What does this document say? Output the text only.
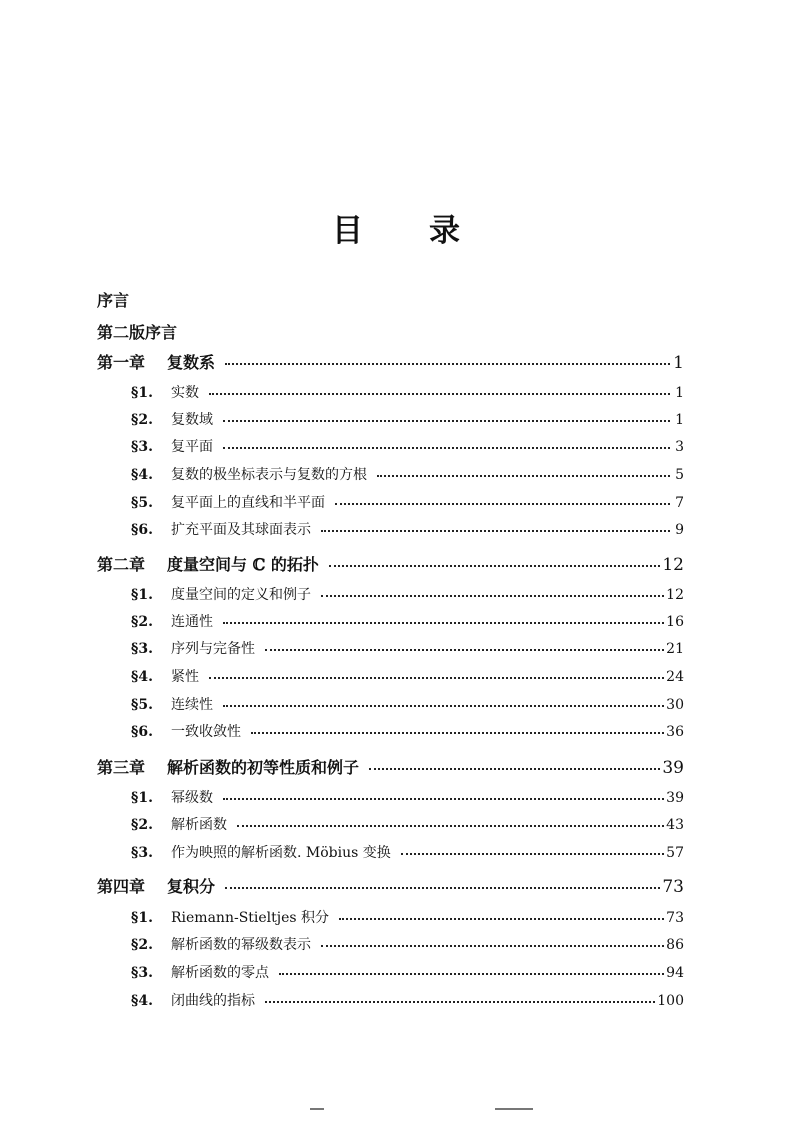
目 录
序言
第二版序言
第一章 复数系	1
§1. 实数	1
§2. 复数域	1
§3. 复平面	3
§4. 复数的极坐标表示与复数的方根	5
§5. 复平面上的直线和半平面	7
§6. 扩充平面及其球面表示	9
第二章 度量空间与 ℂ 的拓扑	12
§1. 度量空间的定义和例子	12
§2. 连通性	16
§3. 序列与完备性	21
§4. 紧性	24
§5. 连续性	30
§6. 一致收敛性	36
第三章 解析函数的初等性质和例子	39
§1. 幂级数	39
§2. 解析函数	43
§3. 作为映照的解析函数. Möbius 变换	57
第四章 复积分	73
§1. Riemann-Stieltjes 积分	73
§2. 解析函数的幂级数表示	86
§3. 解析函数的零点	94
§4. 闭曲线的指标	100
